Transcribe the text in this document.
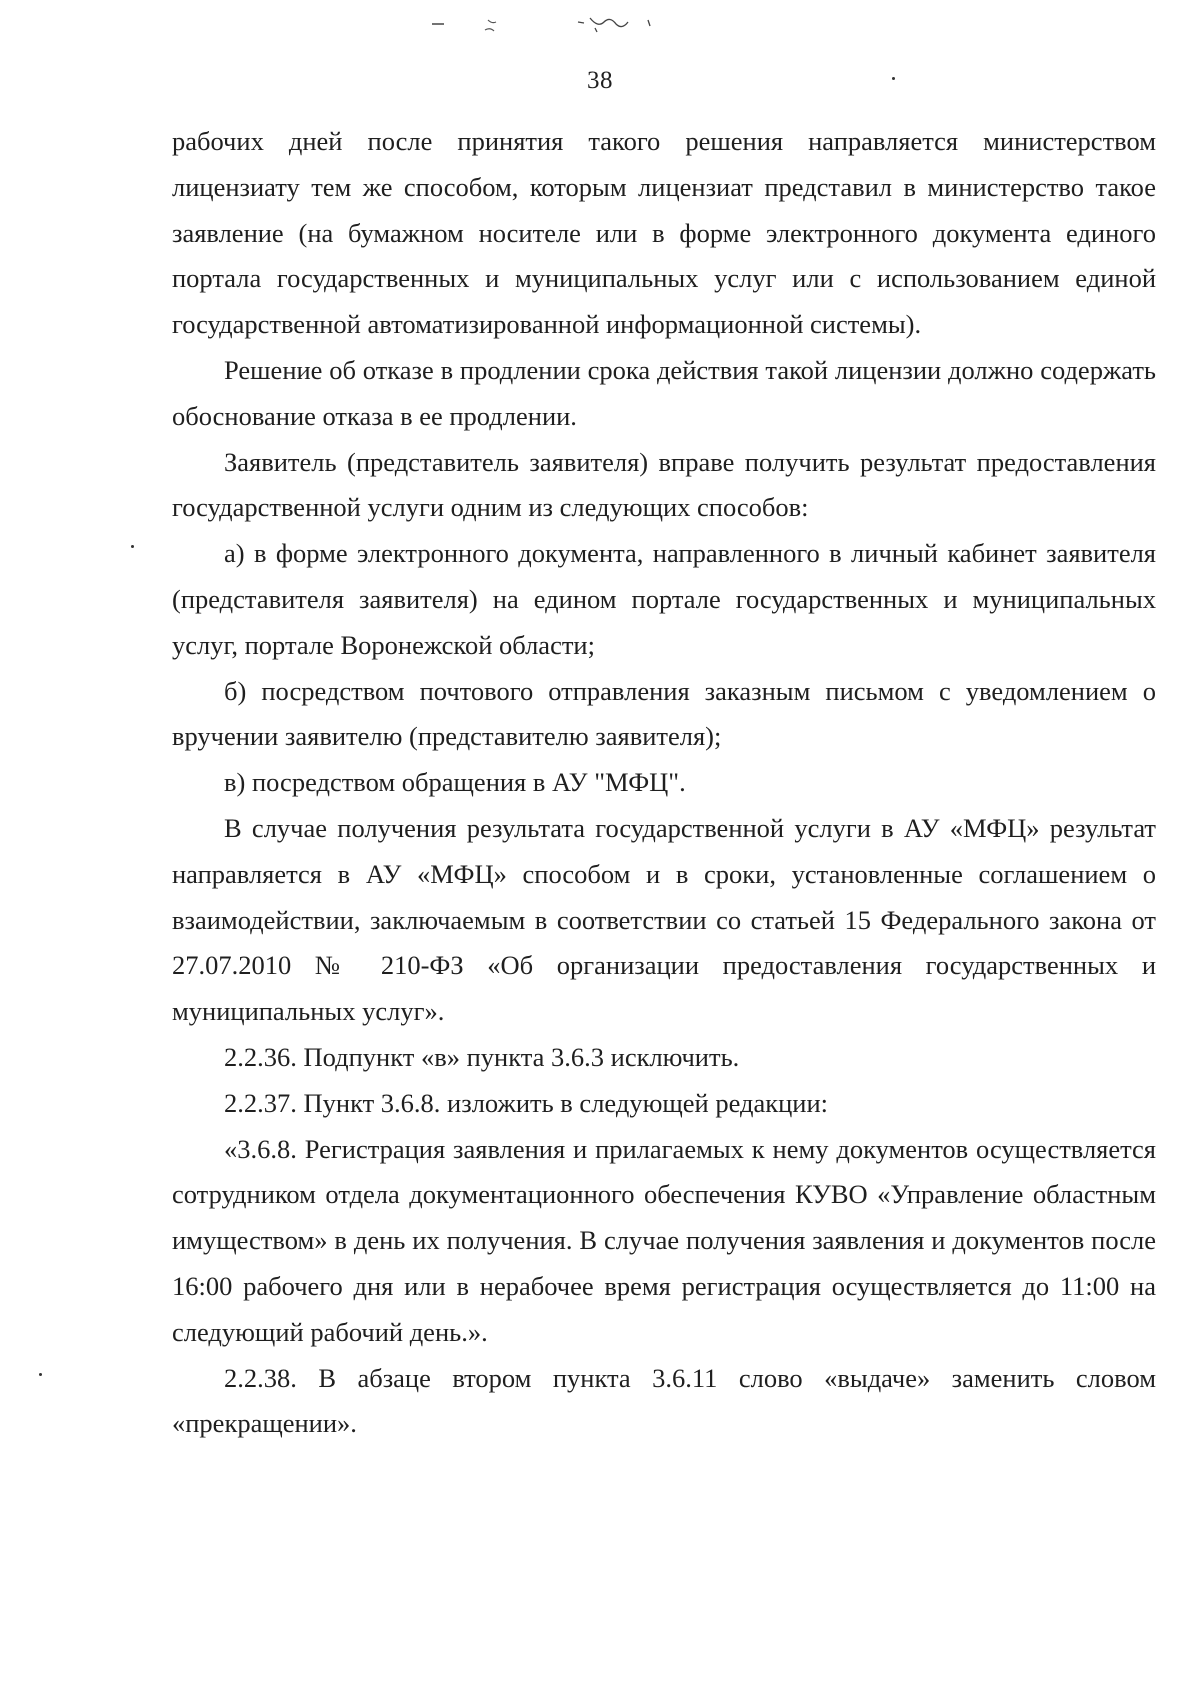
38

рабочих дней после принятия такого решения направляется министерством лицензиату тем же способом, которым лицензиат представил в министерство такое заявление (на бумажном носителе или в форме электронного документа единого портала государственных и муниципальных услуг или с использованием единой государственной автоматизированной информационной системы).

Решение об отказе в продлении срока действия такой лицензии должно содержать обоснование отказа в ее продлении.

Заявитель (представитель заявителя) вправе получить результат предоставления государственной услуги одним из следующих способов:

а) в форме электронного документа, направленного в личный кабинет заявителя (представителя заявителя) на едином портале государственных и муниципальных услуг, портале Воронежской области;

б) посредством почтового отправления заказным письмом с уведомлением о вручении заявителю (представителю заявителя);

в) посредством обращения в АУ "МФЦ".

В случае получения результата государственной услуги в АУ «МФЦ» результат направляется в АУ «МФЦ» способом и в сроки, установленные соглашением о взаимодействии, заключаемым в соответствии со статьей 15 Федерального закона от 27.07.2010 № 210-ФЗ «Об организации предоставления государственных и муниципальных услуг».

2.2.36. Подпункт «в» пункта 3.6.3 исключить.

2.2.37. Пункт 3.6.8. изложить в следующей редакции:

«3.6.8. Регистрация заявления и прилагаемых к нему документов осуществляется сотрудником отдела документационного обеспечения КУВО «Управление областным имуществом» в день их получения. В случае получения заявления и документов после 16:00 рабочего дня или в нерабочее время регистрация осуществляется до 11:00 на следующий рабочий день.».

2.2.38. В абзаце втором пункта 3.6.11 слово «выдаче» заменить словом «прекращении».
